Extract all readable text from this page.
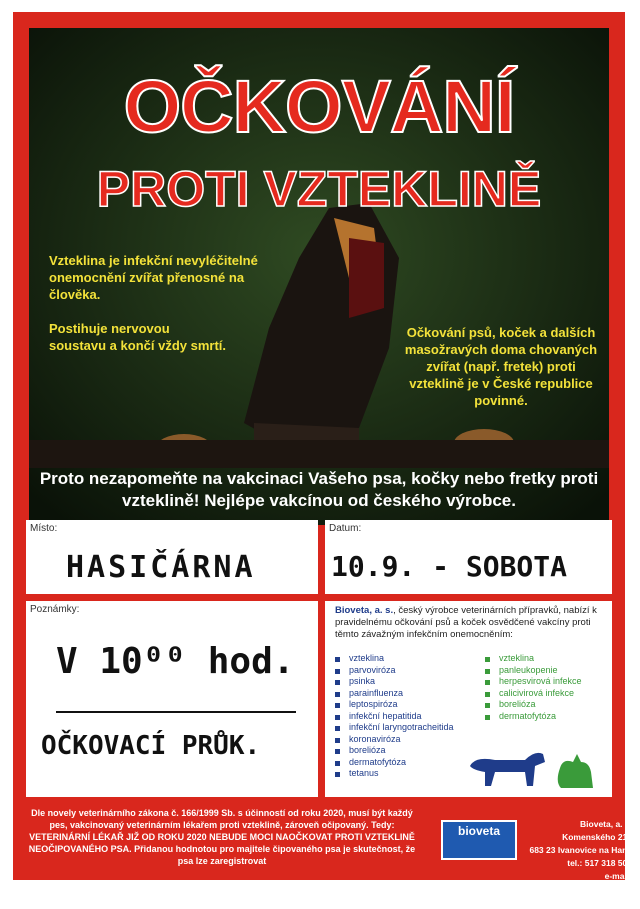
OČKOVÁNÍ
PROTI VZTEKLINĚ
Vzteklina je infekční nevyléčitelné onemocnění zvířat přenosné na člověka.
Postihuje nervovou soustavu a končí vždy smrtí.
Očkování psů, koček a dalších masožravých doma chovaných zvířat (např. fretek) proti vzteklině je v České republice povinné.
Proto nezapomeňte na vakcinaci Vašeho psa, kočky nebo fretky proti vzteklině! Nejlépe vakcínou od českého výrobce.
Místo:
HASIČÁRNA
Datum:
10.9. - SOBOTA
Poznámky:
V 10⁰⁰ hod.
OČKOVACÍ PRŮK.
Bioveta, a. s., český výrobce veterinárních přípravků, nabízí k pravidelnému očkování psů a koček osvědčené vakcíny proti těmto závažným infekčním onemocněním:
vzteklina
parvoviróza
psinka
parainfluenza
leptospiróza
infekční hepatitida
infekční laryngotracheitida
koronaviróza
borelióza
dermatofytóza
tetanus
vzteklina
panleukopenie
herpesvirová infekce
calicivirová infekce
borelióza
dermatofytóza
Dle novely veterinárního zákona č. 166/1999 Sb. s účinností od roku 2020, musí být každý pes, vakcinovaný veterinárním lékařem proti vzteklině, zároveň očipovaný. Tedy: VETERINÁRNÍ LÉKAŘ JIŽ OD ROKU 2020 NEBUDE MOCI NAOČKOVAT PROTI VZTEKLINĚ NEOČIPOVANÉHO PSA. Přidanou hodnotou pro majitele čipovaného psa je skutečnost, že psa lze zaregistrovat
bioveta	Bioveta, a. s.
Komenského 212
683 23 Ivanovice na Hané
tel.: 517 318 504
e-mail: prodejna@bioveta.cz
www.bioveta.cz
